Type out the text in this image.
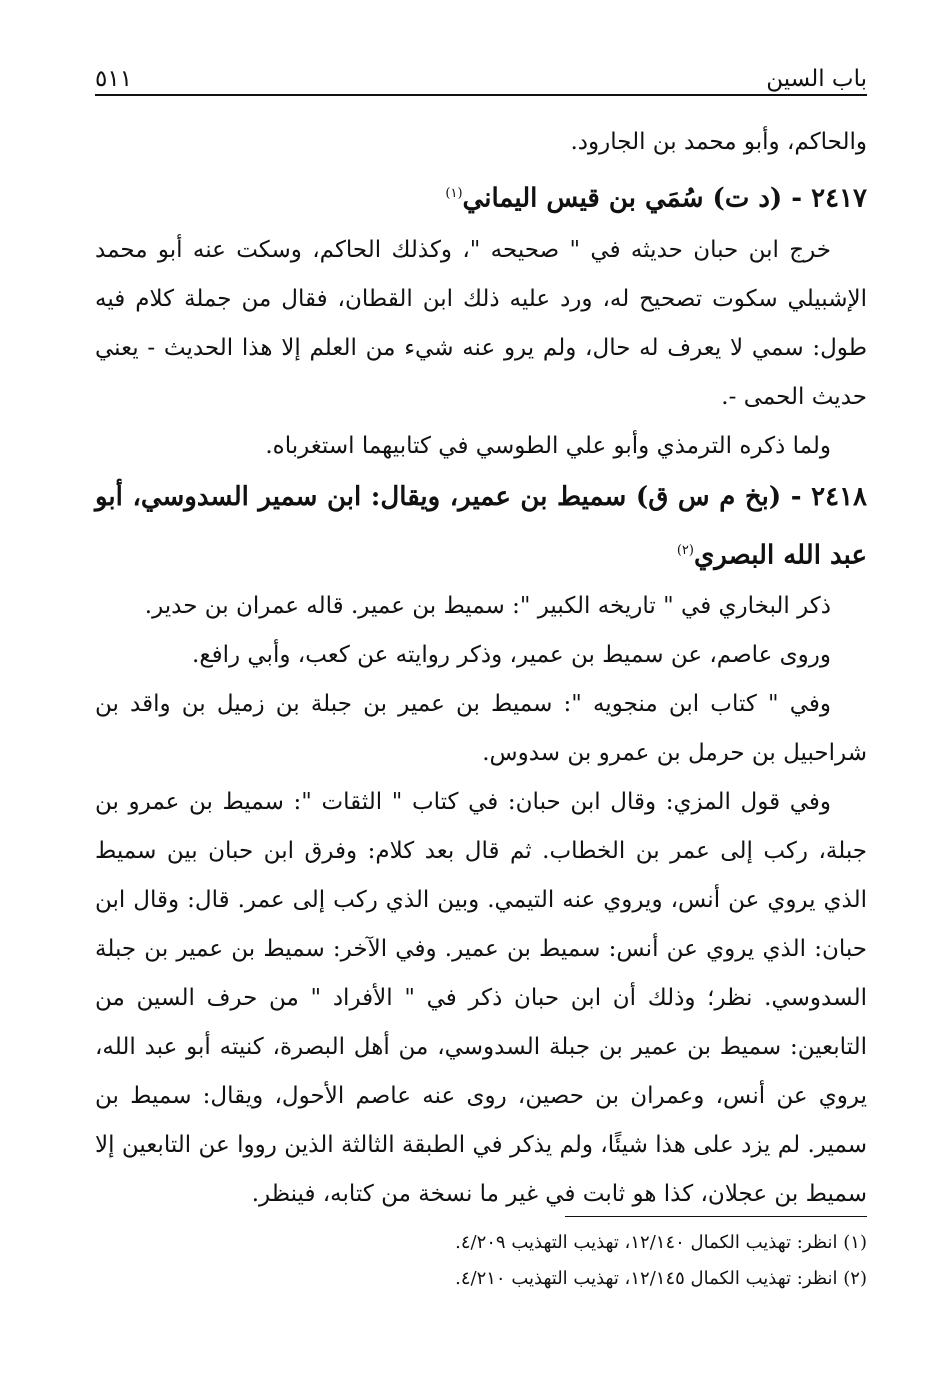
باب السين
٥١١

والحاكم، وأبو محمد بن الجارود.

٢٤١٧ - (د ت) سُمَي بن قيس اليماني$^{(١)}$

خرج ابن حبان حديثه في " صحيحه "، وكذلك الحاكم، وسكت عنه أبو محمد الإشبيلي سكوت تصحيح له، ورد عليه ذلك ابن القطان، فقال من جملة كلام فيه طول: سمي لا يعرف له حال، ولم يرو عنه شيء من العلم إلا هذا الحديث - يعني حديث الحمى -.

ولما ذكره الترمذي وأبو علي الطوسي في كتابيهما استغرباه.

٢٤١٨ - (بخ م س ق) سميط بن عمير، ويقال: ابن سمير السدوسي، أبو عبد الله البصري$^{(٢)}$

ذكر البخاري في " تاريخه الكبير ": سميط بن عمير. قاله عمران بن حدير.

وروى عاصم، عن سميط بن عمير، وذكر روايته عن كعب، وأبي رافع.

وفي " كتاب ابن منجويه ": سميط بن عمير بن جبلة بن زميل بن واقد بن شراحبيل بن حرمل بن عمرو بن سدوس.

وفي قول المزي: وقال ابن حبان: في كتاب " الثقات ": سميط بن عمرو بن جبلة، ركب إلى عمر بن الخطاب. ثم قال بعد كلام: وفرق ابن حبان بين سميط الذي يروي عن أنس، ويروي عنه التيمي. وبين الذي ركب إلى عمر. قال: وقال ابن حبان: الذي يروي عن أنس: سميط بن عمير. وفي الآخر: سميط بن عمير بن جبلة السدوسي. نظر؛ وذلك أن ابن حبان ذكر في " الأفراد " من حرف السين من التابعين: سميط بن عمير بن جبلة السدوسي، من أهل البصرة، كنيته أبو عبد الله، يروي عن أنس، وعمران بن حصين، روى عنه عاصم الأحول، ويقال: سميط بن سمير. لم يزد على هذا شيئًا، ولم يذكر في الطبقة الثالثة الذين رووا عن التابعين إلا سميط بن عجلان، كذا هو ثابت في غير ما نسخة من كتابه، فينظر.

(١) انظر: تهذيب الكمال ١٢/١٤٠، تهذيب التهذيب ٤/٢٠٩.

(٢) انظر: تهذيب الكمال ١٢/١٤٥، تهذيب التهذيب ٤/٢١٠.
